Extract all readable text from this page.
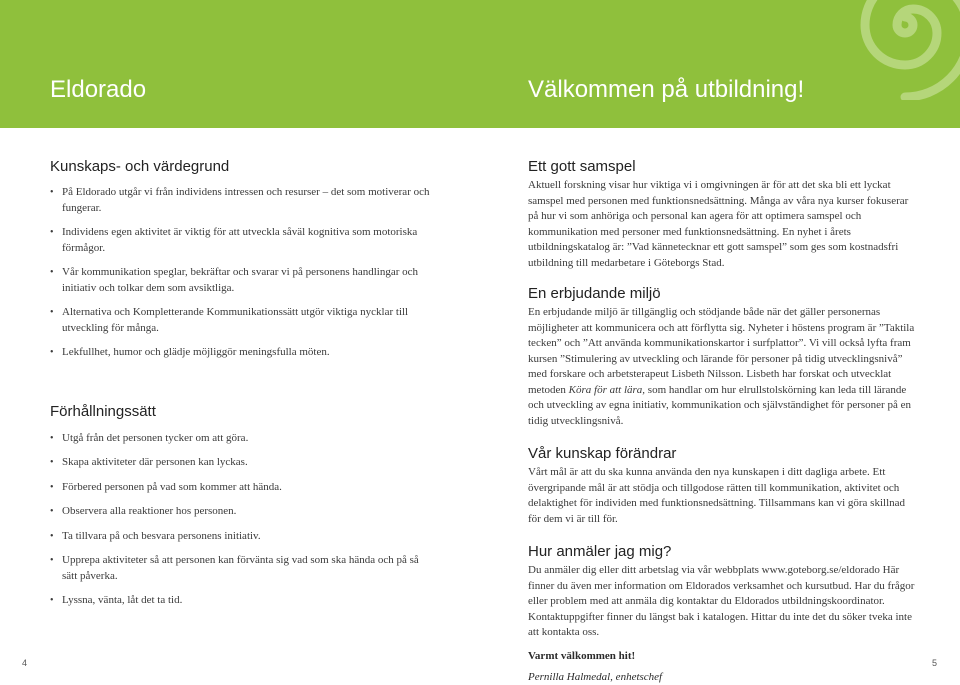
Eldorado	Välkommen på utbildning!
Kunskaps- och värdegrund
• På Eldorado utgår vi från individens intressen och resurser – det som motiverar och fungerar.
• Individens egen aktivitet är viktig för att utveckla såväl kognitiva som motoriska förmågor.
• Vår kommunikation speglar, bekräftar och svarar vi på personens handlingar och initiativ och tolkar dem som avsiktliga.
• Alternativa och Kompletterande Kommunikationssätt utgör viktiga nycklar till utveckling för många.
• Lekfullhet, humor och glädje möjliggör meningsfulla möten.
Förhållningssätt
• Utgå från det personen tycker om att göra.
• Skapa aktiviteter där personen kan lyckas.
• Förbered personen på vad som kommer att hända.
• Observera alla reaktioner hos personen.
• Ta tillvara på och besvara personens initiativ.
• Upprepa aktiviteter så att personen kan förvänta sig vad som ska hända och på så sätt påverka.
• Lyssna, vänta, låt det ta tid.
Ett gott samspel

Aktuell forskning visar hur viktiga vi i omgivningen är för att det ska bli ett lyckat samspel med personen med funktionsnedsättning. Många av våra nya kurser fokuserar på hur vi som anhöriga och personal kan agera för att optimera samspel och kommunikation med personer med funktionsnedsättning. En nyhet i årets utbildningskatalog är: ”Vad kännetecknar ett gott samspel” som ges som kostnadsfri utbildning till medarbetare i Göteborgs Stad.

En erbjudande miljö

En erbjudande miljö är tillgänglig och stödjande både när det gäller personernas möjligheter att kommunicera och att förflytta sig. Nyheter i höstens program är ”Taktila tecken” och ”Att använda kommunikationskartor i surfplattor”. Vi vill också lyfta fram kursen ”Stimulering av utveckling och lärande för personer på tidig utvecklingsnivå” med forskare och arbetsterapeut Lisbeth Nilsson. Lisbeth har forskat och utvecklat metoden Köra för att lära, som handlar om hur elrullstolskörning kan leda till lärande och utveckling av egna initiativ, kommunikation och självständighet för personer på en tidig utvecklingsnivå.

Vår kunskap förändrar

Vårt mål är att du ska kunna använda den nya kunskapen i ditt dagliga arbete. Ett övergripande mål är att stödja och tillgodose rätten till kommunikation, aktivitet och delaktighet för individen med funktionsnedsättning. Tillsammans kan vi göra skillnad för dem vi är till för.

Hur anmäler jag mig?

Du anmäler dig eller ditt arbetslag via vår webbplats www.goteborg.se/eldorado Här finner du även mer information om Eldorados verksamhet och kursutbud. Har du frågor eller problem med att anmäla dig kontaktar du Eldorados utbildningskoordinator. Kontaktuppgifter finner du längst bak i katalogen. Hittar du inte det du söker tveka inte att kontakta oss.

Varmt välkommen hit!

Pernilla Halmedal, enhetschef

4	5
